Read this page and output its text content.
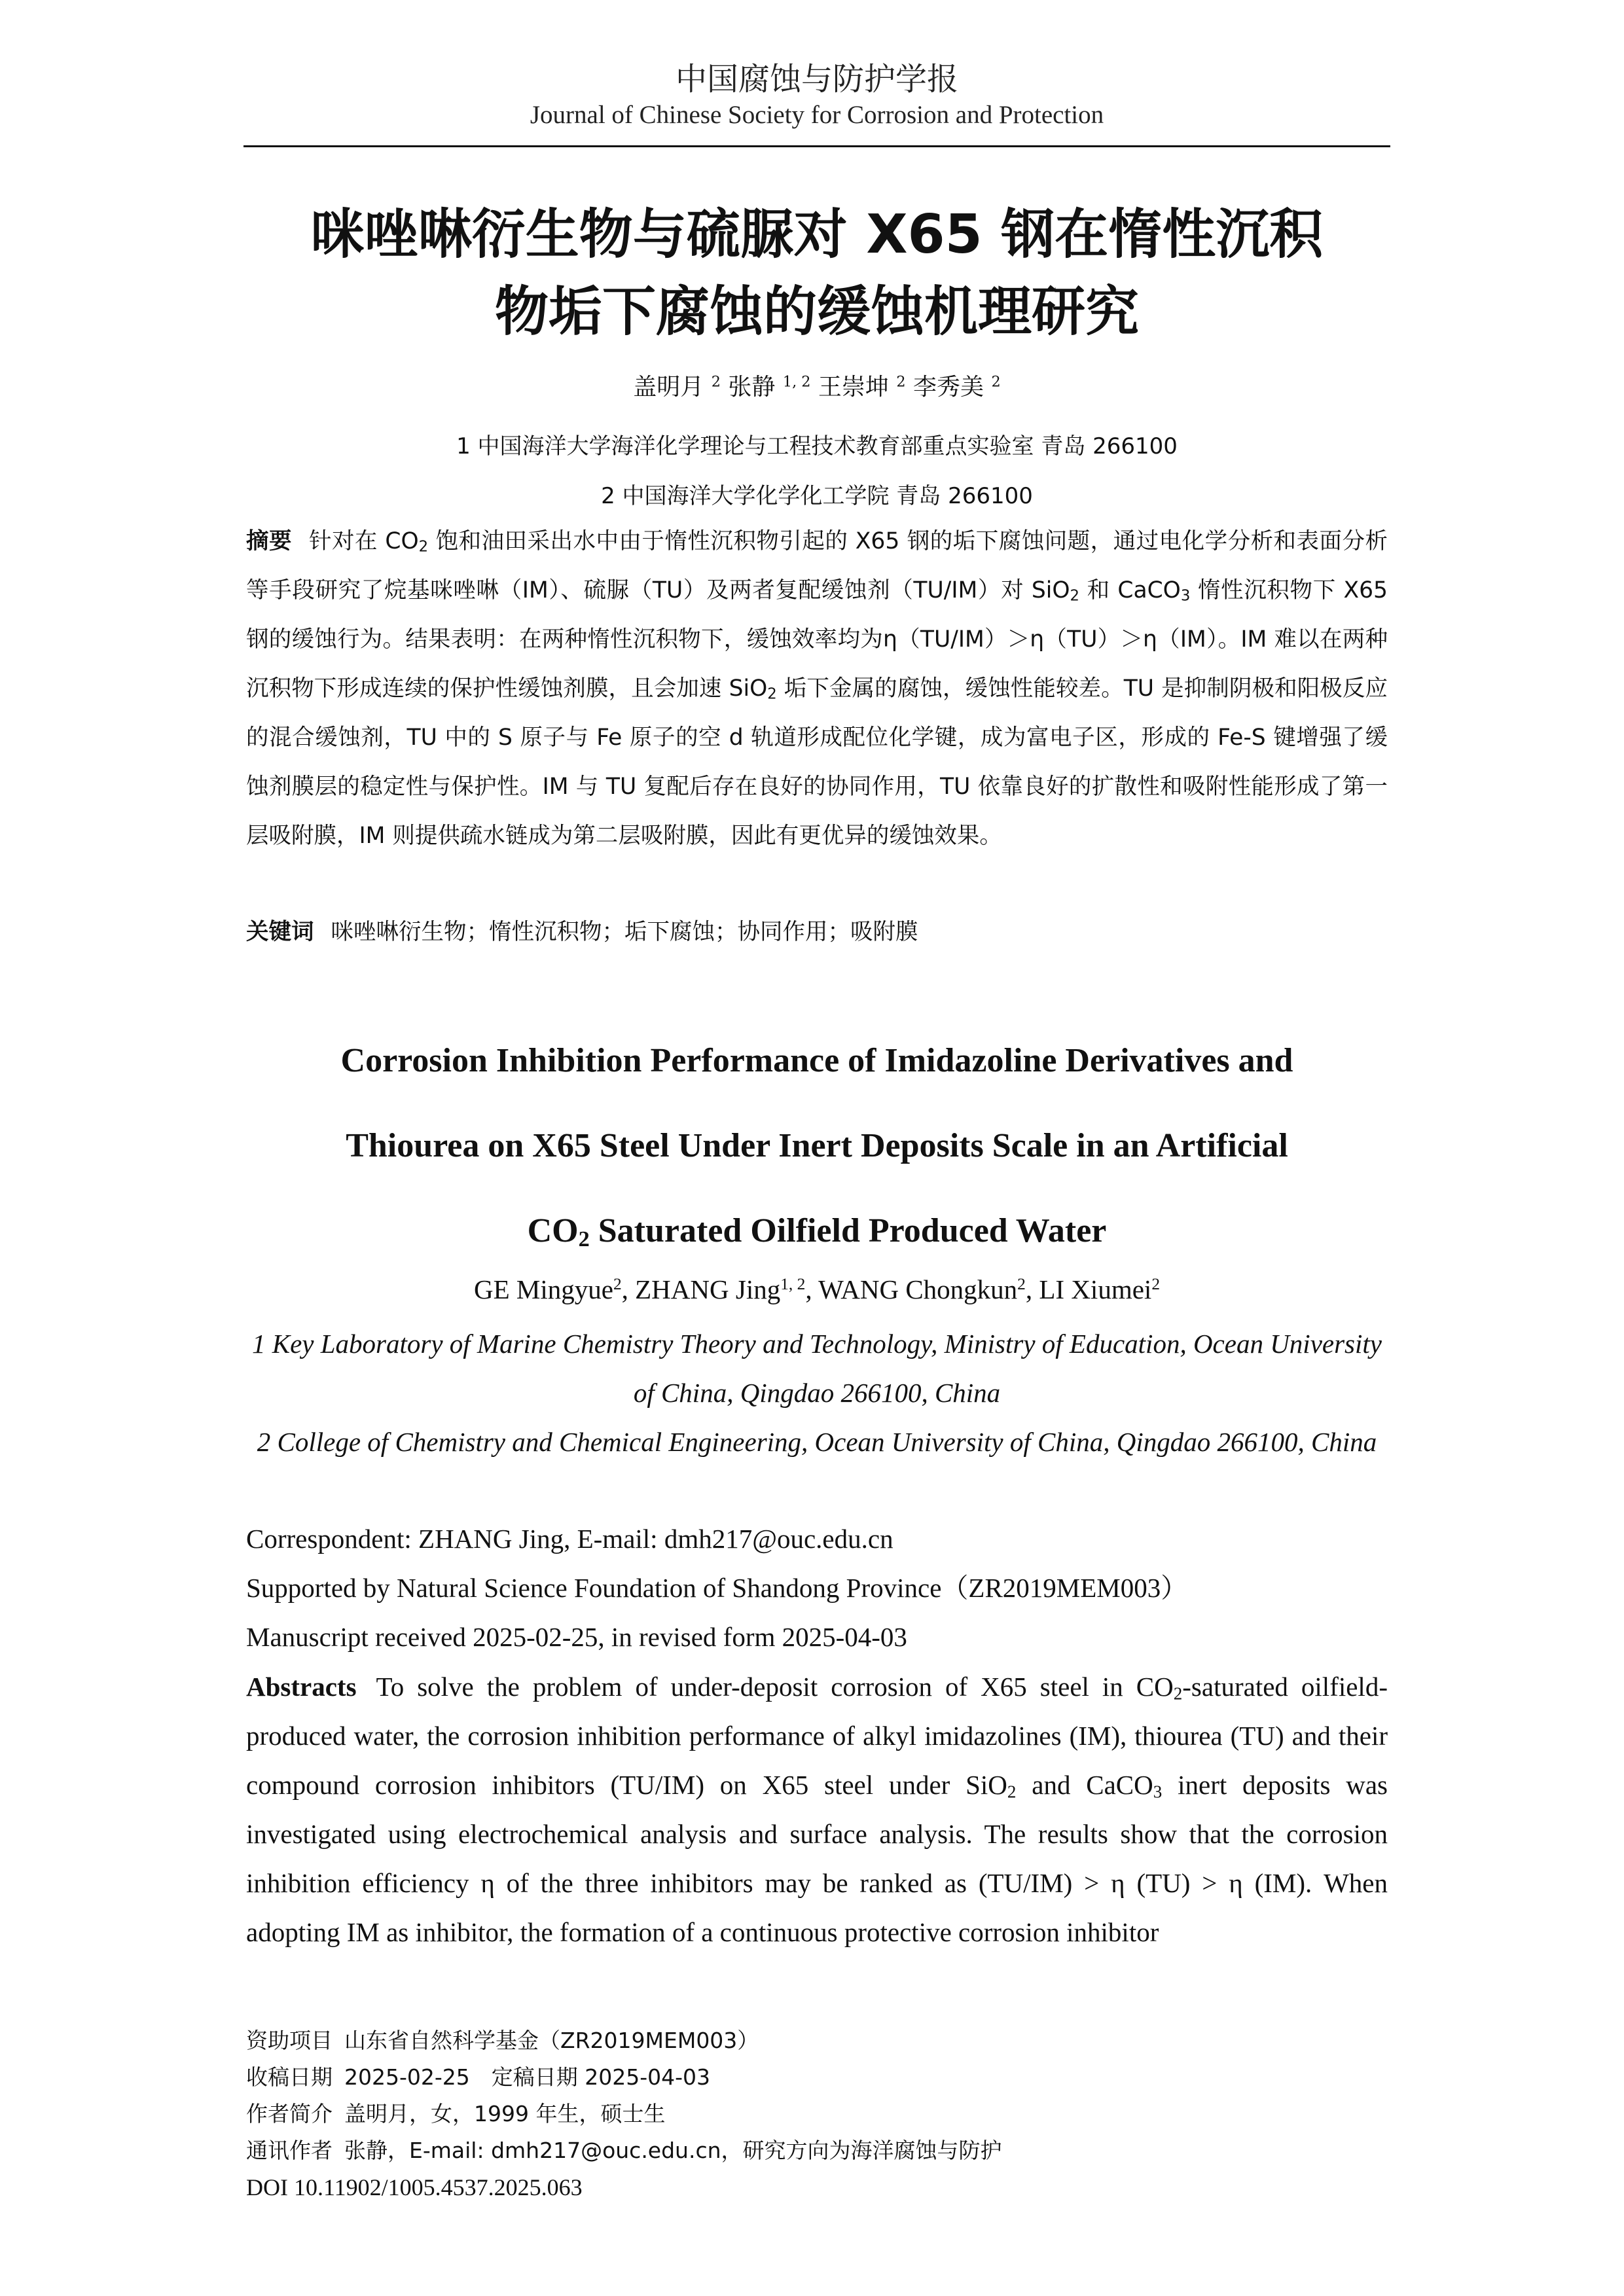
中国腐蚀与防护学报
Journal of Chinese Society for Corrosion and Protection
咪唑啉衍生物与硫脲对 X65 钢在惰性沉积
物垢下腐蚀的缓蚀机理研究
盖明月 $^2$ 张静 $^{1, 2}$ 王崇坤 $^2$ 李秀美 $^2$
1 中国海洋大学海洋化学理论与工程技术教育部重点实验室 青岛 266100
2 中国海洋大学化学化工学院 青岛 266100
摘要 针对在 $CO_2$ 饱和油田采出水中由于惰性沉积物引起的 X65 钢的垢下腐蚀问题，通过电化学分析和表面分析等手段研究了烷基咪唑啉（IM）、硫脲（TU）及两者复配缓蚀剂（TU/IM）对 SiO$_2$ 和 CaCO$_3$ 惰性沉积物下 X65 钢的缓蚀行为。结果表明：在两种惰性沉积物下，缓蚀效率均为η（TU/IM）＞η（TU）＞η（IM）。IM 难以在两种沉积物下形成连续的保护性缓蚀剂膜，且会加速 SiO$_2$ 垢下金属的腐蚀，缓蚀性能较差。TU 是抑制阴极和阳极反应的混合缓蚀剂，TU 中的 S 原子与 Fe 原子的空 d 轨道形成配位化学键，成为富电子区，形成的 Fe-S 键增强了缓蚀剂膜层的稳定性与保护性。IM 与 TU 复配后存在良好的协同作用，TU 依靠良好的扩散性和吸附性能形成了第一层吸附膜，IM 则提供疏水链成为第二层吸附膜，因此有更优异的缓蚀效果。
关键词 咪唑啉衍生物；惰性沉积物；垢下腐蚀；协同作用；吸附膜
Corrosion Inhibition Performance of Imidazoline Derivatives and
Thiourea on X65 Steel Under Inert Deposits Scale in an Artificial
$CO_2$ Saturated Oilfield Produced Water
GE Mingyue$^2$, ZHANG Jing$^{1, 2}$, WANG Chongkun$^2$, LI Xiumei$^2$
1 Key Laboratory of Marine Chemistry Theory and Technology, Ministry of Education, Ocean University of China, Qingdao 266100, China
2 College of Chemistry and Chemical Engineering, Ocean University of China, Qingdao 266100, China
Correspondent: ZHANG Jing, E-mail: dmh217@ouc.edu.cn
Supported by Natural Science Foundation of Shandong Province（ZR2019MEM003）
Manuscript received 2025-02-25, in revised form 2025-04-03
Abstracts To solve the problem of under-deposit corrosion of X65 steel in $CO_2$-saturated oilfield-produced water, the corrosion inhibition performance of alkyl imidazolines (IM), thiourea (TU) and their compound corrosion inhibitors (TU/IM) on X65 steel under SiO$_2$ and CaCO$_3$ inert deposits was investigated using electrochemical analysis and surface analysis. The results show that the corrosion inhibition efficiency η of the three inhibitors may be ranked as (TU/IM) > η (TU) > η (IM). When adopting IM as inhibitor, the formation of a continuous protective corrosion inhibitor
资助项目 山东省自然科学基金（ZR2019MEM003）
收稿日期 2025-02-25　定稿日期 2025-04-03
作者简介 盖明月，女，1999 年生，硕士生
通讯作者 张静，E-mail: dmh217@ouc.edu.cn，研究方向为海洋腐蚀与防护
DOI 10.11902/1005.4537.2025.063
